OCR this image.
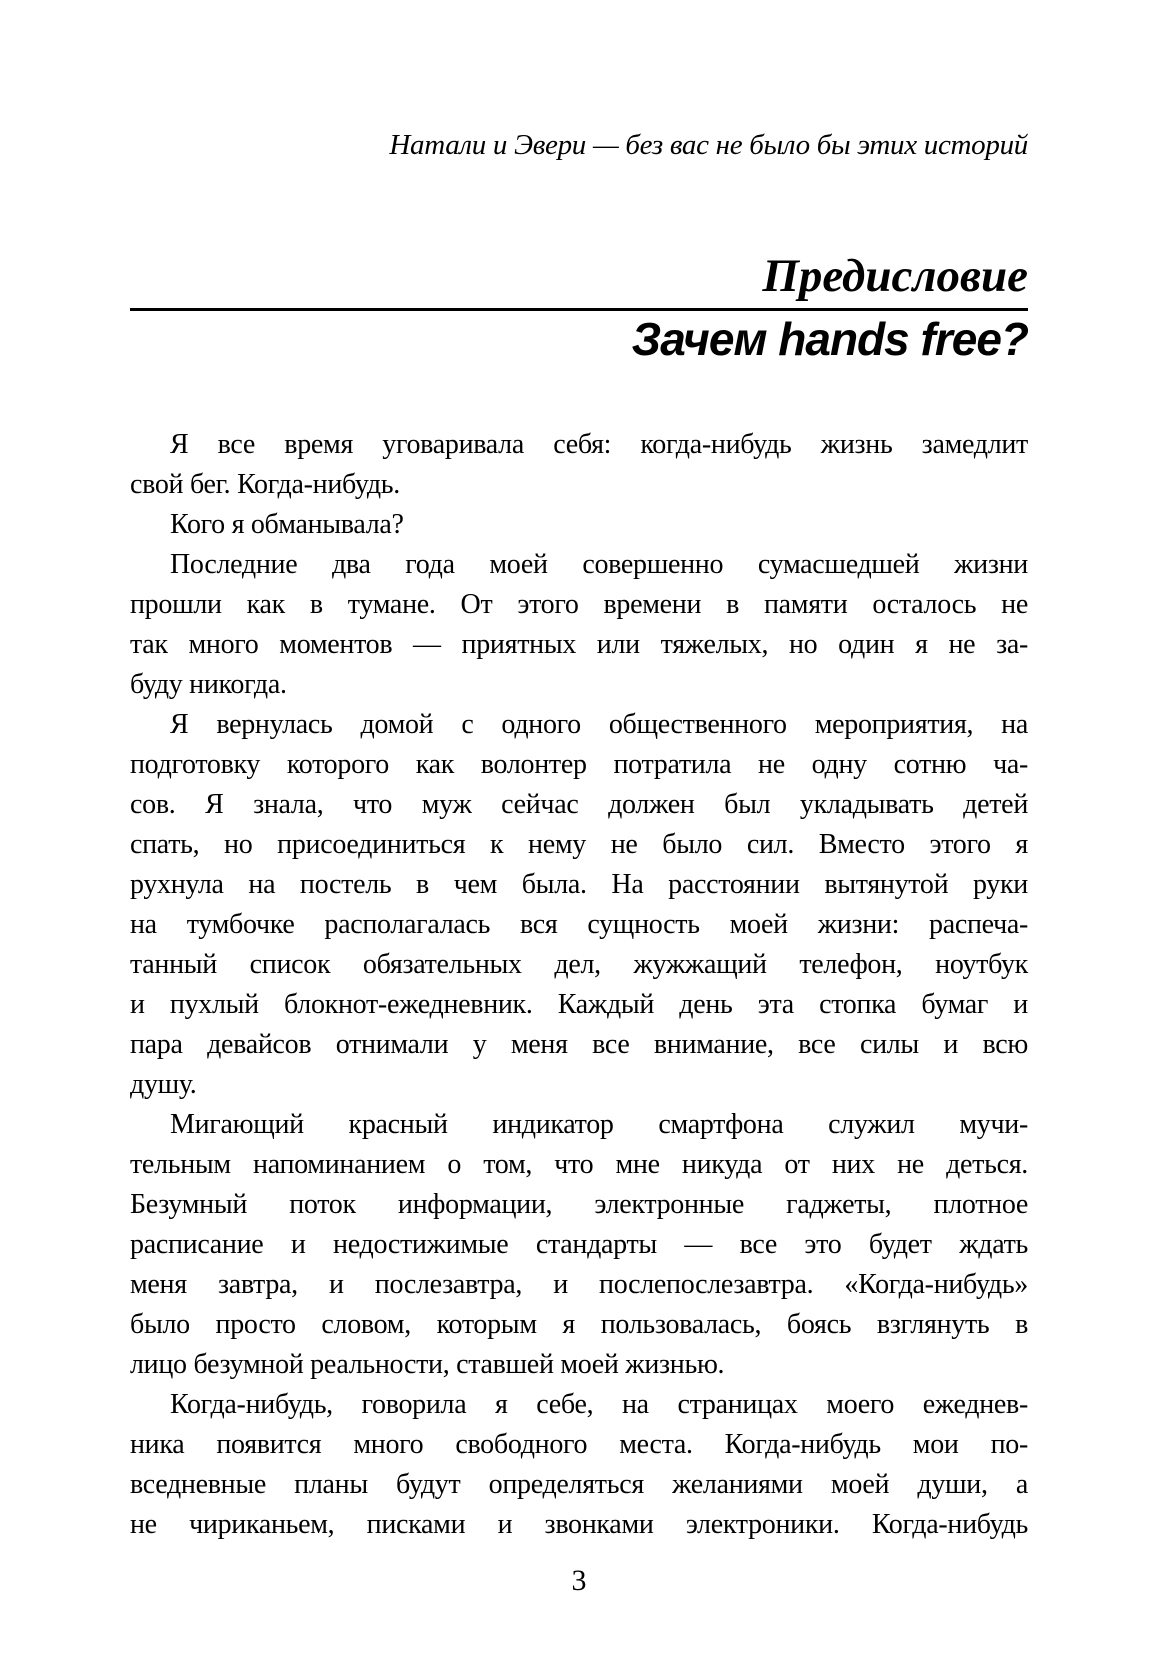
Натали и Эвери — без вас не было бы этих историй
Предисловие
Зачем hands free?
Я все время уговаривала себя: когда-нибудь жизнь замедлит
свой бег. Когда-нибудь.
Кого я обманывала?
Последние два года моей совершенно сумасшедшей жизни
прошли как в тумане. От этого времени в памяти осталось не
так много моментов — приятных или тяжелых, но один я не за-
буду никогда.
Я вернулась домой с одного общественного мероприятия, на
подготовку которого как волонтер потратила не одну сотню ча-
сов. Я знала, что муж сейчас должен был укладывать детей
спать, но присоединиться к нему не было сил. Вместо этого я
рухнула на постель в чем была. На расстоянии вытянутой руки
на тумбочке располагалась вся сущность моей жизни: распеча-
танный список обязательных дел, жужжащий телефон, ноутбук
и пухлый блокнот-ежедневник. Каждый день эта стопка бумаг и
пара девайсов отнимали у меня все внимание, все силы и всю
душу.
Мигающий красный индикатор смартфона служил мучи-
тельным напоминанием о том, что мне никуда от них не деться.
Безумный поток информации, электронные гаджеты, плотное
расписание и недостижимые стандарты — все это будет ждать
меня завтра, и послезавтра, и послепослезавтра. «Когда-нибудь»
было просто словом, которым я пользовалась, боясь взглянуть в
лицо безумной реальности, ставшей моей жизнью.
Когда-нибудь, говорила я себе, на страницах моего ежеднев-
ника появится много свободного места. Когда-нибудь мои по-
вседневные планы будут определяться желаниями моей души, а
не чириканьем, писками и звонками электроники. Когда-нибудь
3
